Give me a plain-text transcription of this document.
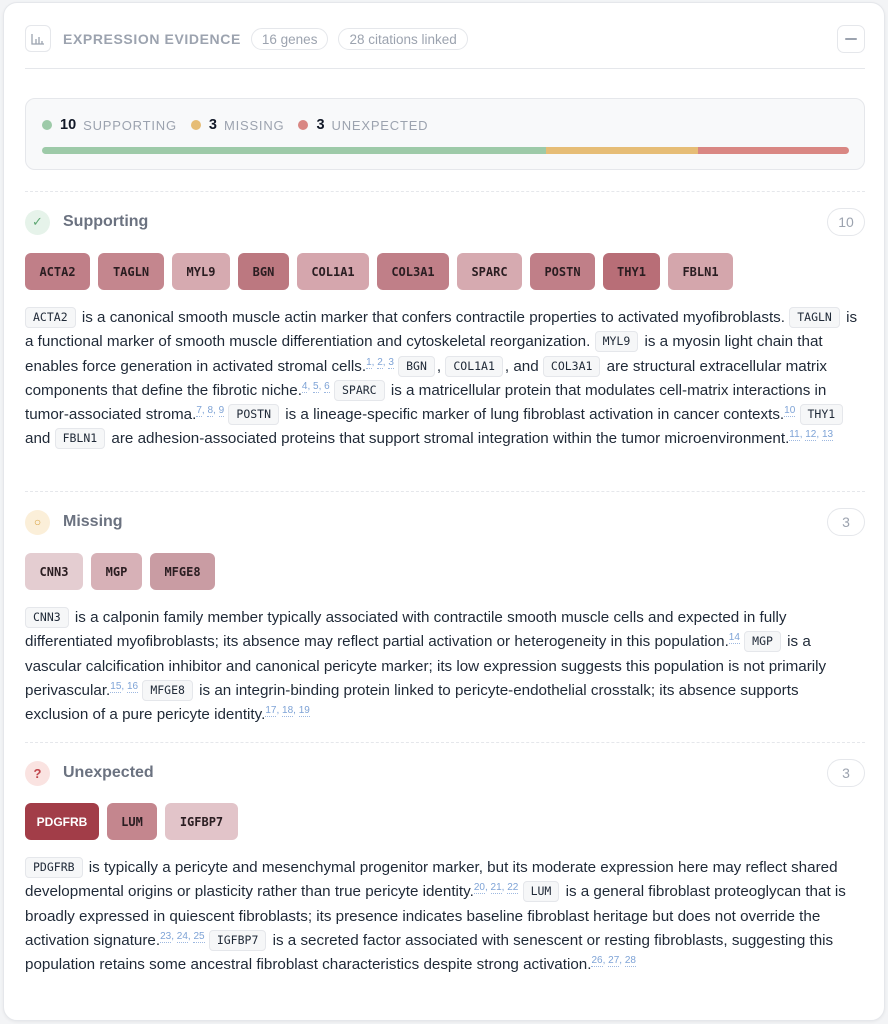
EXPRESSION EVIDENCE	16 genes	28 citations linked
10 SUPPORTING 3 MISSING 3 UNEXPECTED
✓	Supporting	10
ACTA2	TAGLN	MYL9	BGN	COL1A1	COL3A1	SPARC	POSTN	THY1	FBLN1
ACTA2 is a canonical smooth muscle actin marker that confers contractile properties to activated myofibroblasts. TAGLN is a functional marker of smooth muscle differentiation and cytoskeletal reorganization. MYL9 is a myosin light chain that enables force generation in activated stromal cells.$^{1,}$ $^{2,}$ $^3$ BGN , COL1A1 , and COL3A1 are structural extracellular matrix components that define the fibrotic niche.$^{4,}$ $^{5,}$ $^6$ SPARC is a matricellular protein that modulates cell-matrix interactions in tumor-associated stroma.$^{7,}$ $^{8,}$ $^9$ POSTN is a lineage-specific marker of lung fibroblast activation in cancer contexts.$^{10}$ THY1 and FBLN1 are adhesion-associated proteins that support stromal integration within the tumor microenvironment.$^{11,}$ $^{12,}$ $^{13}$
○	Missing	3
CNN3	MGP	MFGE8
CNN3 is a calponin family member typically associated with contractile smooth muscle cells and expected in fully differentiated myofibroblasts; its absence may reflect partial activation or heterogeneity in this population.$^{14}$ MGP is a vascular calcification inhibitor and canonical pericyte marker; its low expression suggests this population is not primarily perivascular.$^{15,}$ $^{16}$ MFGE8 is an integrin-binding protein linked to pericyte-endothelial crosstalk; its absence supports exclusion of a pure pericyte identity.$^{17,}$ $^{18,}$ $^{19}$
?	Unexpected	3
PDGFRB	LUM	IGFBP7
PDGFRB is typically a pericyte and mesenchymal progenitor marker, but its moderate expression here may reflect shared developmental origins or plasticity rather than true pericyte identity.$^{20,}$ $^{21,}$ $^{22}$ LUM is a general fibroblast proteoglycan that is broadly expressed in quiescent fibroblasts; its presence indicates baseline fibroblast heritage but does not override the activation signature.$^{23,}$ $^{24,}$ $^{25}$ IGFBP7 is a secreted factor associated with senescent or resting fibroblasts, suggesting this population retains some ancestral fibroblast characteristics despite strong activation.$^{26,}$ $^{27,}$ $^{28}$
